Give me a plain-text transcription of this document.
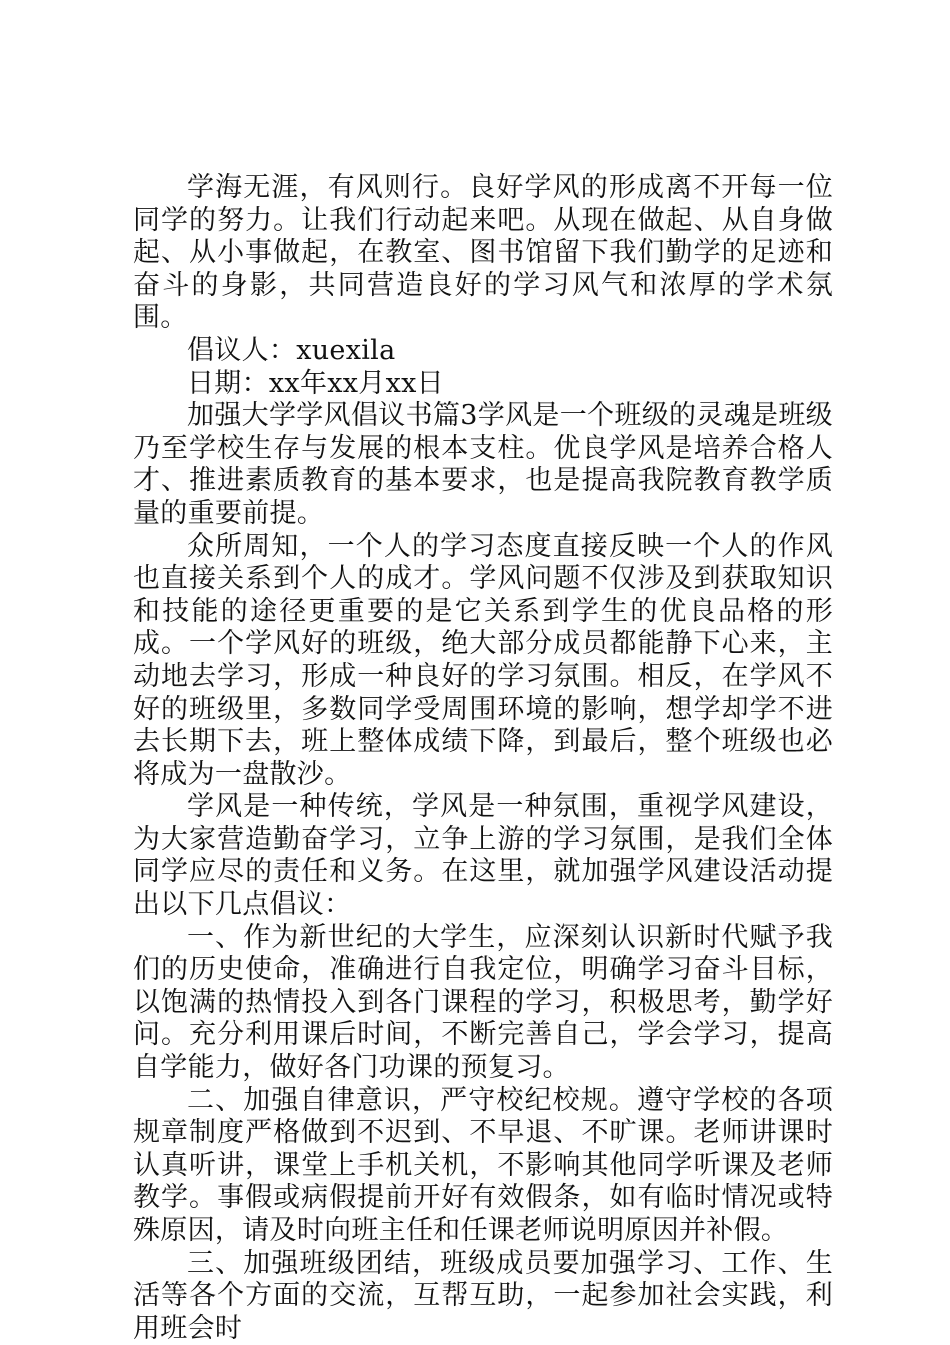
学海无涯，有风则行。良好学风的形成离不开每一位同学的努力。让我们行动起来吧。从现在做起、从自身做起、从小事做起，在教室、图书馆留下我们勤学的足迹和奋斗的身影，共同营造良好的学习风气和浓厚的学术氛围。

倡议人：xuexila

日期：xx年xx月xx日

加强大学学风倡议书篇3学风是一个班级的灵魂是班级乃至学校生存与发展的根本支柱。优良学风是培养合格人才、推进素质教育的基本要求，也是提高我院教育教学质量的重要前提。

众所周知，一个人的学习态度直接反映一个人的作风也直接关系到个人的成才。学风问题不仅涉及到获取知识和技能的途径更重要的是它关系到学生的优良品格的形成。一个学风好的班级，绝大部分成员都能静下心来，主动地去学习，形成一种良好的学习氛围。相反，在学风不好的班级里，多数同学受周围环境的影响，想学却学不进去长期下去，班上整体成绩下降，到最后，整个班级也必将成为一盘散沙。

学风是一种传统，学风是一种氛围，重视学风建设，为大家营造勤奋学习，立争上游的学习氛围，是我们全体同学应尽的责任和义务。在这里，就加强学风建设活动提出以下几点倡议：

一、作为新世纪的大学生，应深刻认识新时代赋予我们的历史使命，准确进行自我定位，明确学习奋斗目标，以饱满的热情投入到各门课程的学习，积极思考，勤学好问。充分利用课后时间，不断完善自己，学会学习，提高自学能力，做好各门功课的预复习。

二、加强自律意识，严守校纪校规。遵守学校的各项规章制度严格做到不迟到、不早退、不旷课。老师讲课时认真听讲，课堂上手机关机，不影响其他同学听课及老师教学。事假或病假提前开好有效假条，如有临时情况或特殊原因，请及时向班主任和任课老师说明原因并补假。

三、加强班级团结，班级成员要加强学习、工作、生活等各个方面的交流，互帮互助，一起参加社会实践，利用班会时
